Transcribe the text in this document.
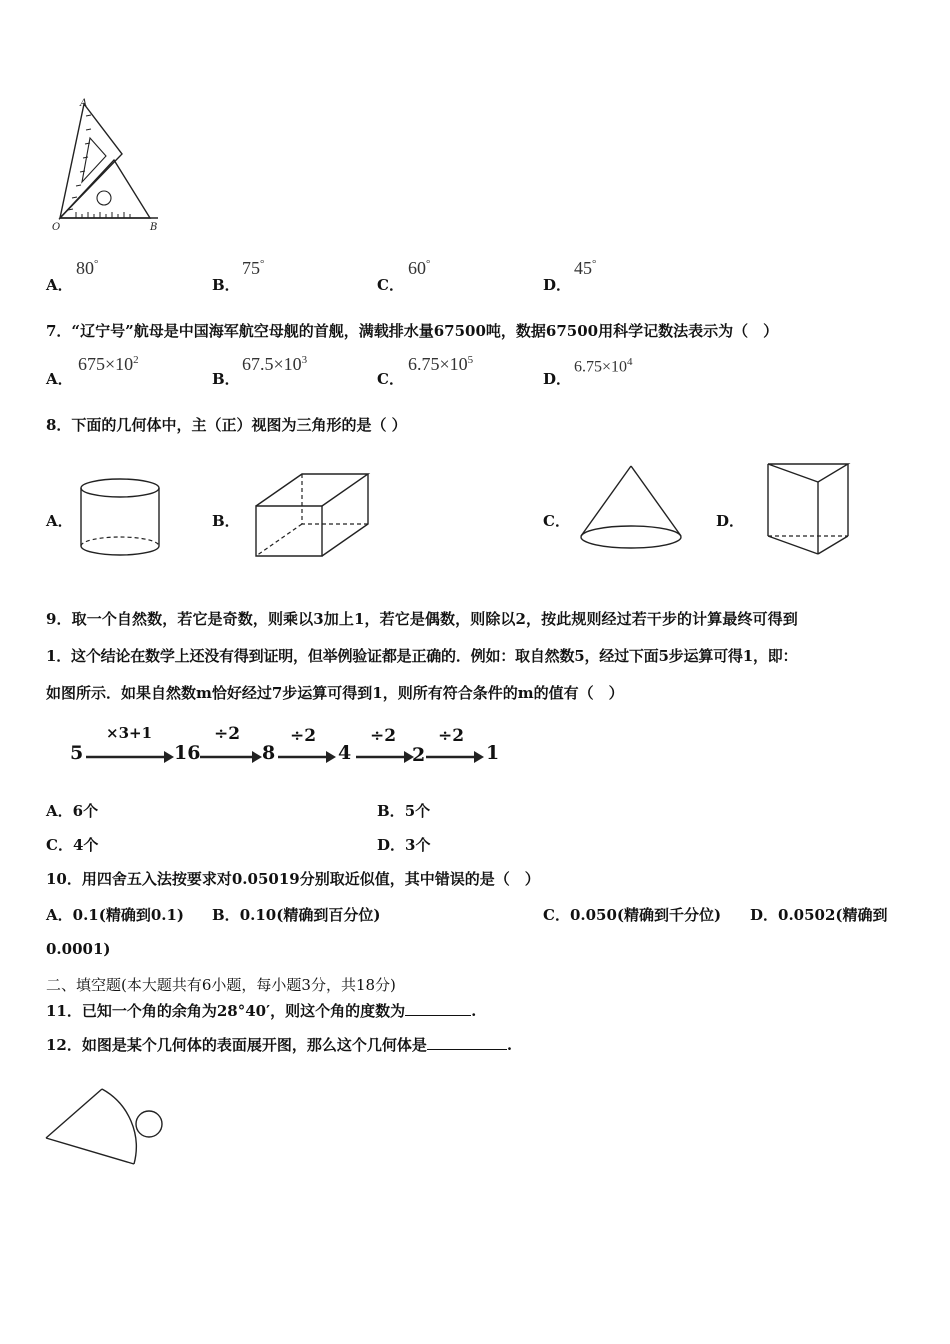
A
O	B
A．
80°
B．
75°
C．
60°
D．
45°
7．“辽宁号”航母是中国海军航空母舰的首舰，满载排水量67500吨，数据67500用科学记数法表示为（　）
A．
$675\times 10^2$
B．
$67.5\times 10^3$
C．
$6.75\times 10^5$
D．
$6.75\times 10^4$
8．下面的几何体中，主（正）视图为三角形的是（ ）
A．	B．	C．	D．
9．取一个自然数，若它是奇数，则乘以3加上1，若它是偶数，则除以2，按此规则经过若干步的计算最终可得到
1．这个结论在数学上还没有得到证明，但举例验证都是正确的．例如：取自然数5，经过下面5步运算可得1，即：
如图所示．如果自然数m恰好经过7步运算可得到1，则所有符合条件的m的值有（　）
5
×3+1
16
÷2
8
÷2
4
÷2
2
÷2
1
A．6个	B．5个
C．4个	D．3个
10．用四舍五入法按要求对0.05019分别取近似值，其中错误的是（　）
A．0.1(精确到0.1) B．0.10(精确到百分位)	C．0.050(精确到千分位) D．0.0502(精确到
0.0001)
二、填空题(本大题共有6小题，每小题3分，共18分)
11．已知一个角的余角为28°40′，则这个角的度数为	.
12．如图是某个几何体的表面展开图，那么这个几何体是	.
